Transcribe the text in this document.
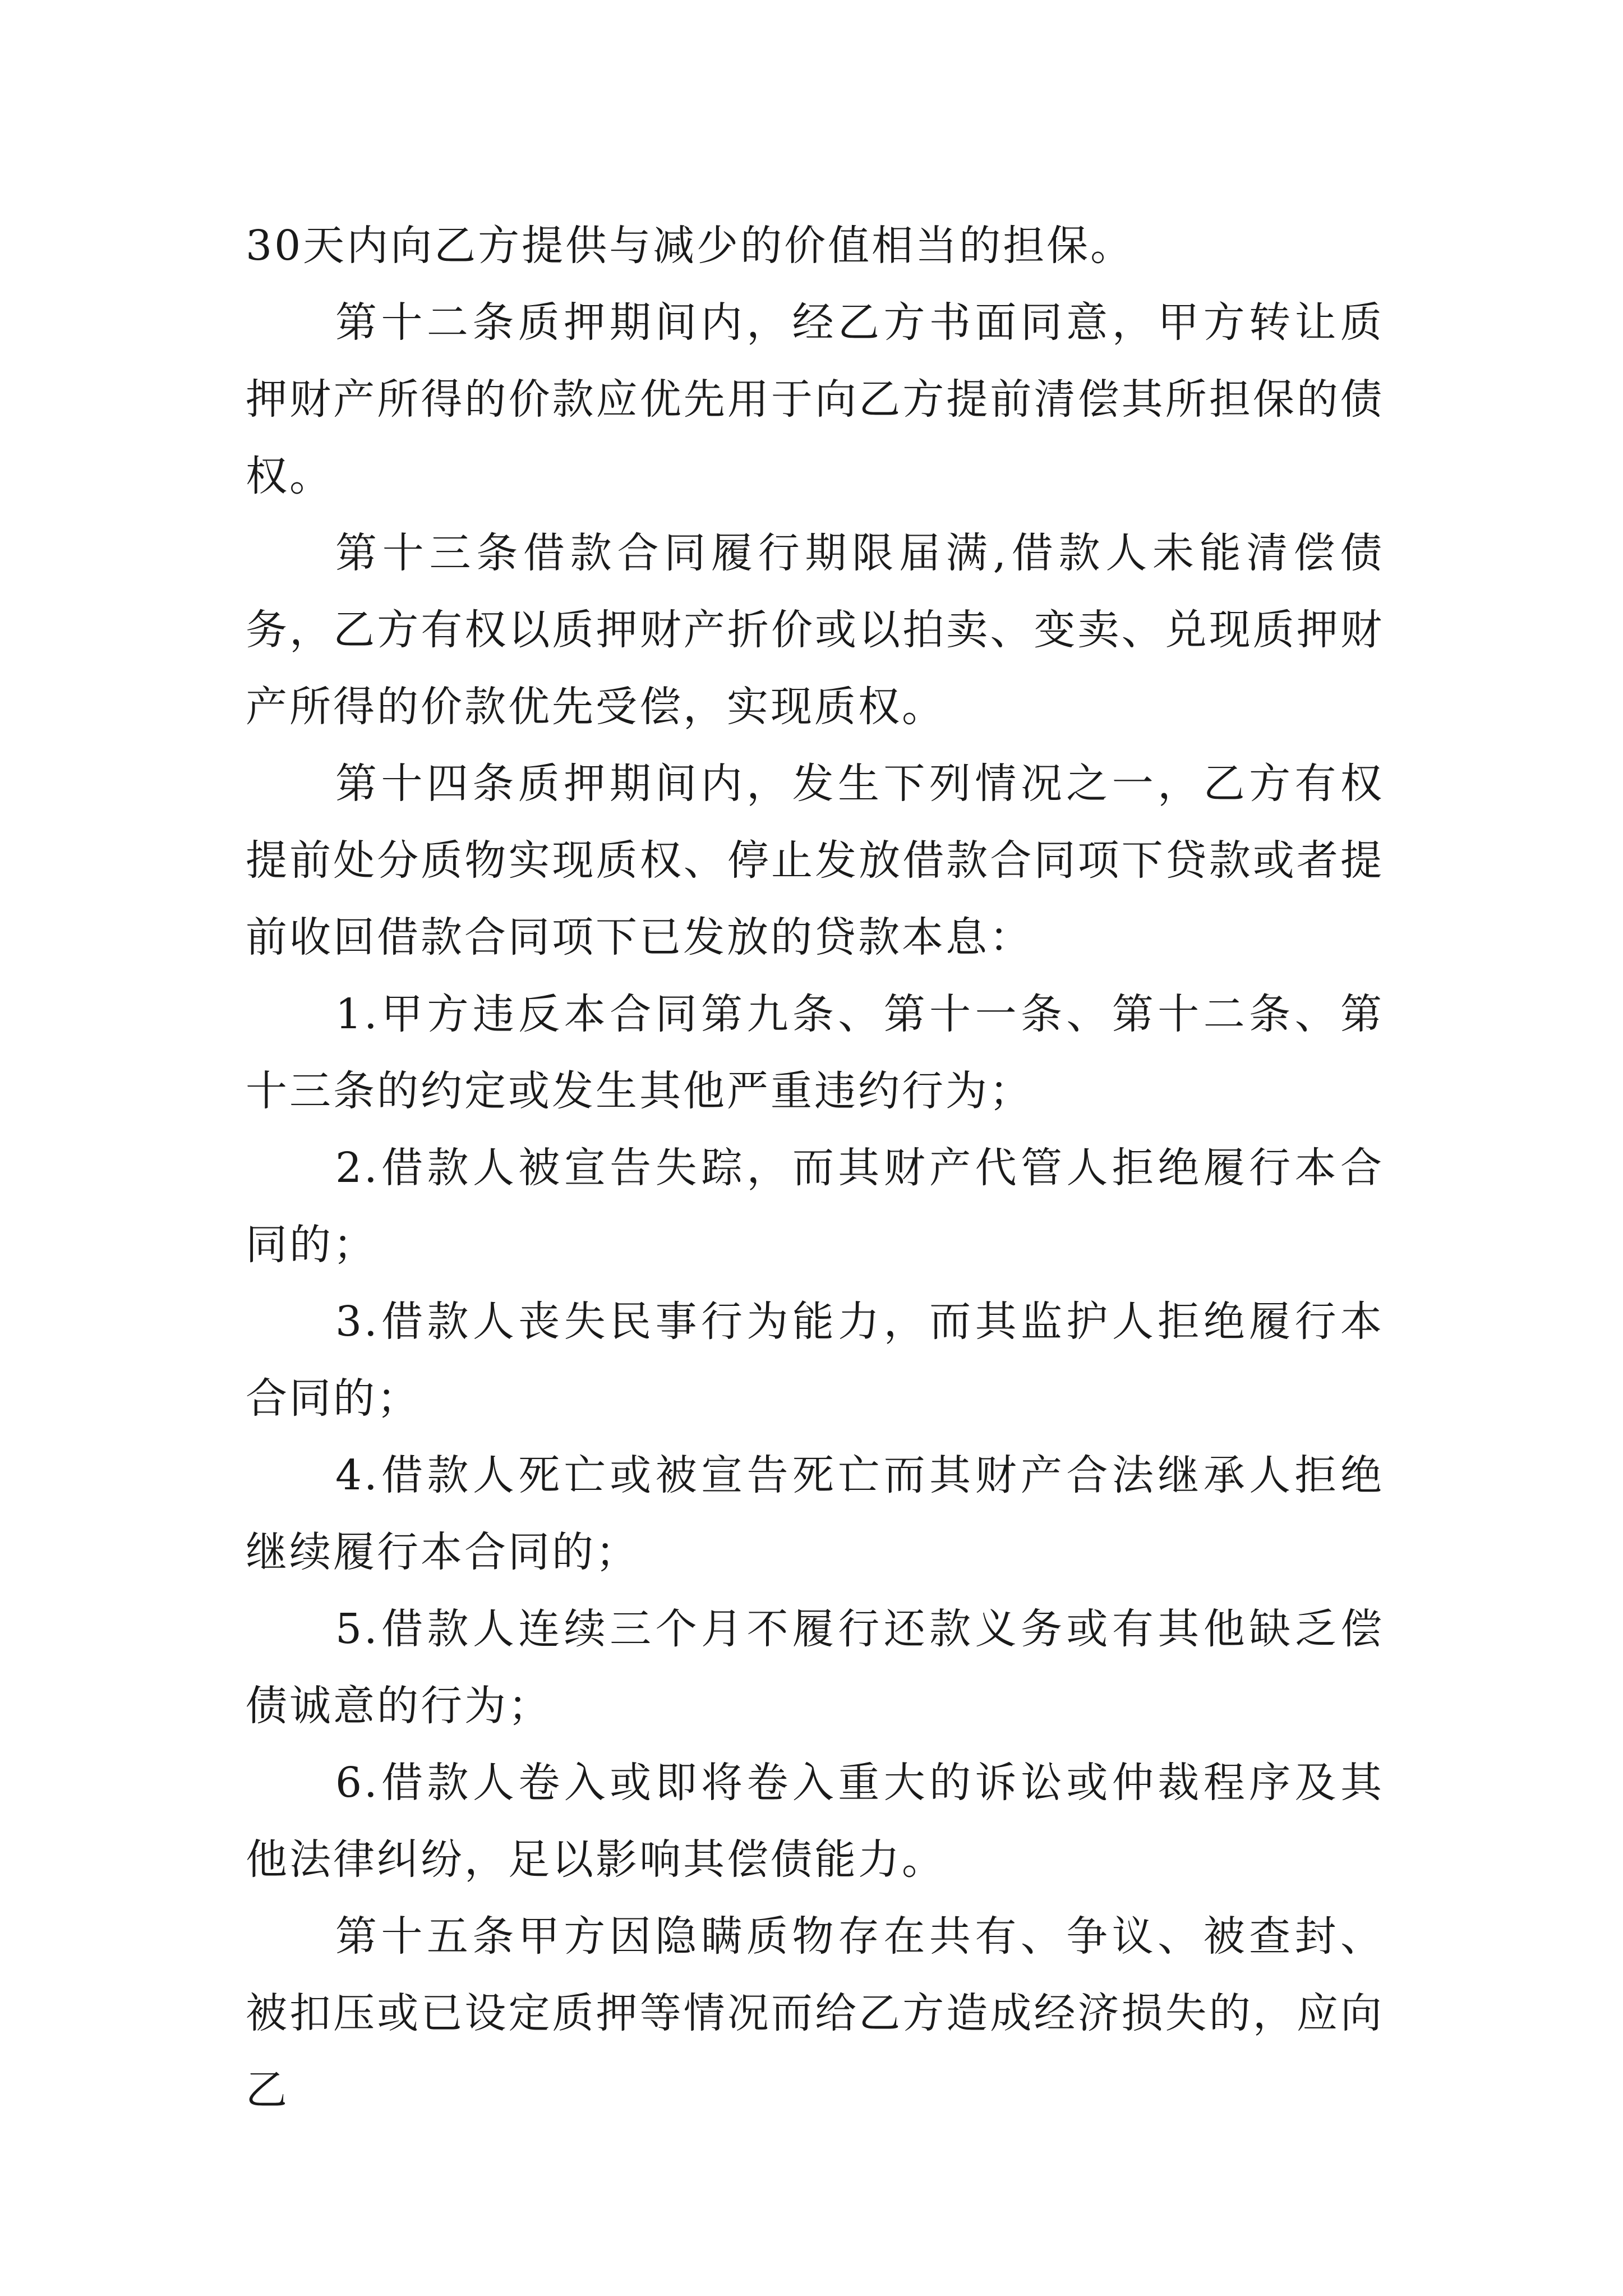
30天内向乙方提供与减少的价值相当的担保。

第十二条质押期间内，经乙方书面同意，甲方转让质押财产所得的价款应优先用于向乙方提前清偿其所担保的债权。

第十三条借款合同履行期限届满,借款人未能清偿债务，乙方有权以质押财产折价或以拍卖、变卖、兑现质押财产所得的价款优先受偿，实现质权。

第十四条质押期间内，发生下列情况之一，乙方有权提前处分质物实现质权、停止发放借款合同项下贷款或者提前收回借款合同项下已发放的贷款本息：

1.甲方违反本合同第九条、第十一条、第十二条、第十三条的约定或发生其他严重违约行为；

2.借款人被宣告失踪，而其财产代管人拒绝履行本合同的；

3.借款人丧失民事行为能力，而其监护人拒绝履行本合同的；

4.借款人死亡或被宣告死亡而其财产合法继承人拒绝继续履行本合同的；

5.借款人连续三个月不履行还款义务或有其他缺乏偿债诚意的行为；

6.借款人卷入或即将卷入重大的诉讼或仲裁程序及其他法律纠纷，足以影响其偿债能力。

第十五条甲方因隐瞒质物存在共有、争议、被查封、被扣压或已设定质押等情况而给乙方造成经济损失的，应向乙
